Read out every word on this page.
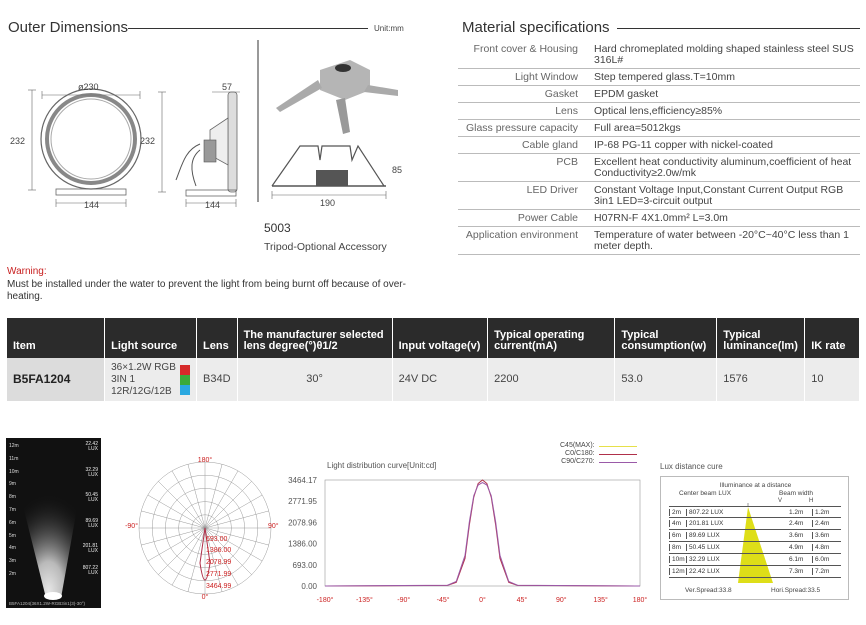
Outer Dimensions	Unit:mm
ø230
232
144
57
232
144	190
85
5003
Tripod-Optional Accessory
Warning:
Must be installed under the water to prevent the light from being burnt off because of over-heating.
Material specifications
Front cover & Housing	Hard chromeplated molding shaped stainless steel SUS 316L#
Light Window	Step tempered glass.T=10mm
Gasket	EPDM gasket
Lens	Optical lens,efficiency≥85%
Glass pressure capacity	Full area=5012kgs
Cable gland	IP-68 PG-11 copper with nickel-coated
PCB	Excellent heat conductivity aluminum,coefficient of heat Conductivity≥2.0w/mk
LED Driver	Constant Voltage Input,Constant Current Output RGB 3in1 LED=3-circuit output
Power Cable	H07RN-F 4X1.0mm² L=3.0m
Application environment	Temperature of water between -20°C~40°C less than 1 meter depth.
Item	Light source	Lens	The manufacturer selected lens degree(°)θ1/2	Input voltage(v)	Typical operating current(mA)	Typical consumption(w)	Typical luminance(lm)	IK rate
B5FA1204	36×1.2W RGB
3IN 1
12R/12G/12B	B34D	30°	24V DC	2200	53.0	1576	10
12m
11m
10m
9m
8m
7m
6m
5m
4m
3m
2m
22.42 LUX
32.29 LUX
50.45 LUX
89.69 LUX
201.81 LUX
807.22 LUX
B5FA1204(36X1.2W-RGB3in1(3)-30°)
180°
-90°	90°
0°
693.00
1386.00
2078.99
2771.99
3464.99
Light distribution curve[Unit:cd]
C45(MAX):
C0/C180:
C90/C270:
3464.17
2771.95
2078.96
1386.00
693.00
0.00
-180°	-135°	-90°	-45°	0°	45°	90°	135°	180°
Lux distance cure
Illuminance at a distance
Center beam LUX	Beam width
V	H
2m	807.22 LUX	1.2m	1.2m
4m	201.81 LUX	2.4m	2.4m
6m	89.69 LUX	3.6m	3.6m
8m	50.45 LUX	4.9m	4.8m
10m 32.29 LUX	6.1m	6.0m
12m 22.42 LUX	7.3m	7.2m
Ver.Spread:33.8	Hori.Spread:33.5
